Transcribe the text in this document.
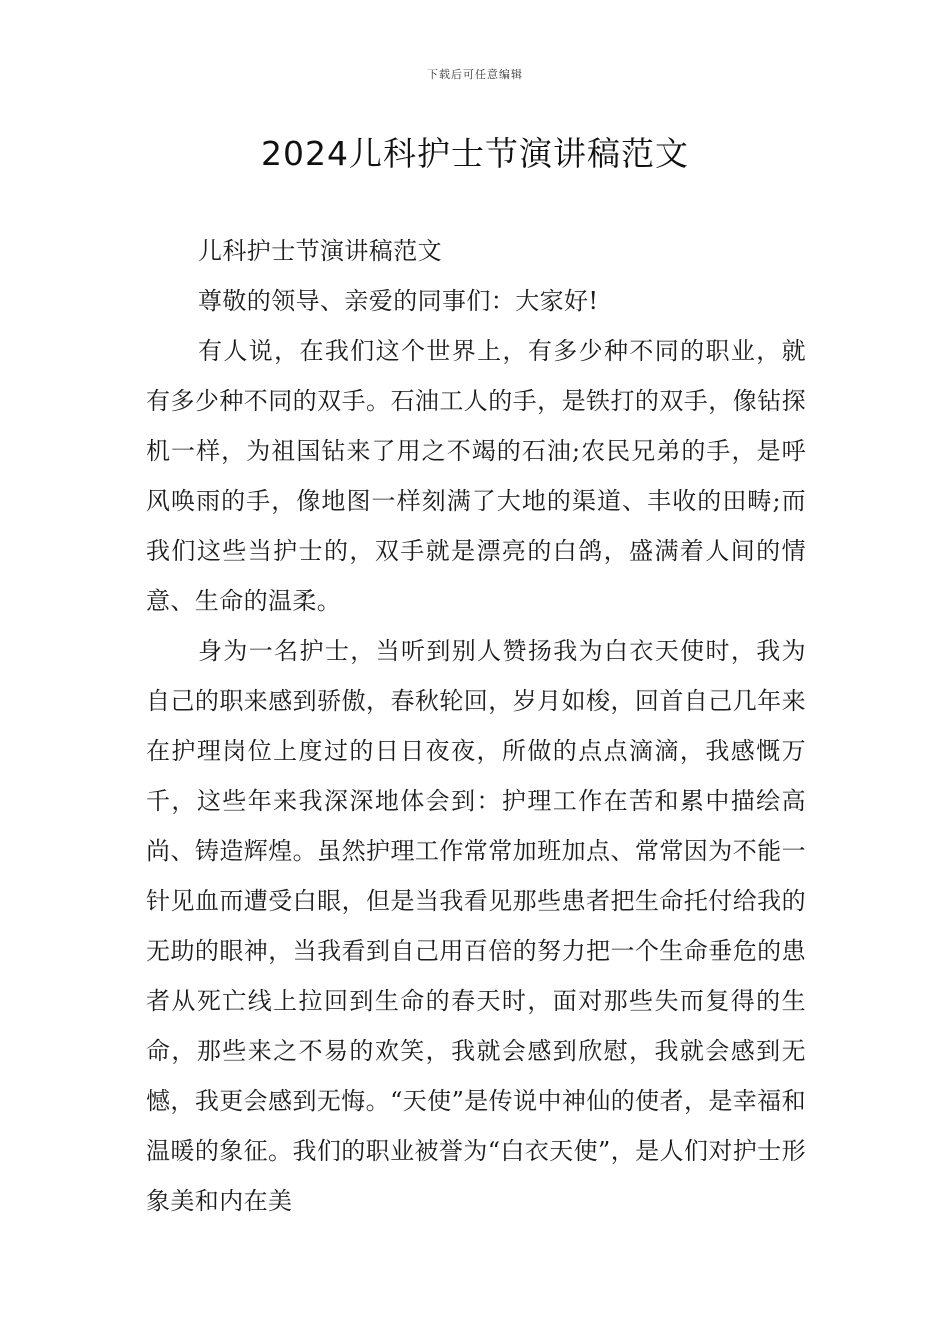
下载后可任意编辑
2024儿科护士节演讲稿范文

儿科护士节演讲稿范文

尊敬的领导、亲爱的同事们：大家好!

有人说，在我们这个世界上，有多少种不同的职业，就有多少种不同的双手。石油工人的手，是铁打的双手，像钻探机一样，为祖国钻来了用之不竭的石油;农民兄弟的手，是呼风唤雨的手，像地图一样刻满了大地的渠道、丰收的田畴;而我们这些当护士的，双手就是漂亮的白鸽，盛满着人间的情意、生命的温柔。

身为一名护士，当听到别人赞扬我为白衣天使时，我为自己的职来感到骄傲，春秋轮回，岁月如梭，回首自己几年来在护理岗位上度过的日日夜夜，所做的点点滴滴，我感慨万千，这些年来我深深地体会到：护理工作在苦和累中描绘高尚、铸造辉煌。虽然护理工作常常加班加点、常常因为不能一针见血而遭受白眼，但是当我看见那些患者把生命托付给我的无助的眼神，当我看到自己用百倍的努力把一个生命垂危的患者从死亡线上拉回到生命的春天时，面对那些失而复得的生命，那些来之不易的欢笑，我就会感到欣慰，我就会感到无憾，我更会感到无悔。“天使”是传说中神仙的使者，是幸福和温暖的象征。我们的职业被誉为“白衣天使”，是人们对护士形象美和内在美
